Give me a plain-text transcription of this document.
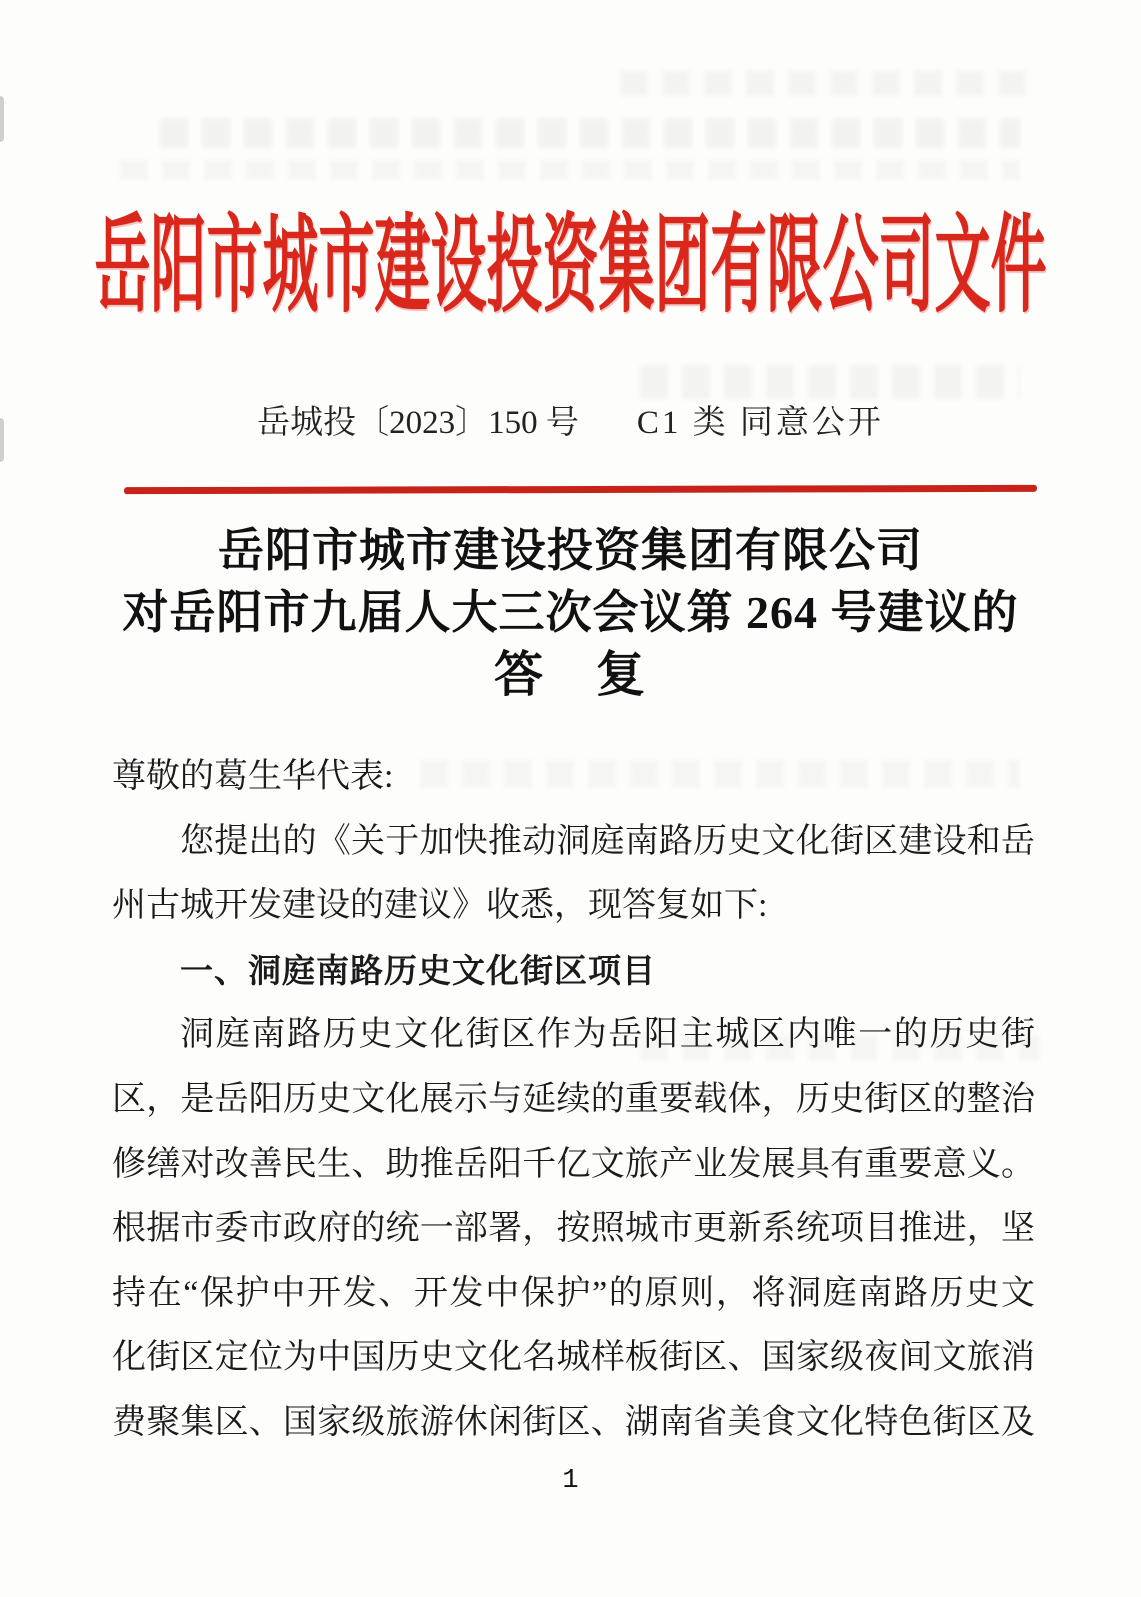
岳阳市城市建设投资集团有限公司文件
岳城投〔2023〕150 号 C1 类 同意公开
岳阳市城市建设投资集团有限公司
对岳阳市九届人大三次会议第 264 号建议的
答　复
尊敬的葛生华代表:
您提出的《关于加快推动洞庭南路历史文化街区建设和岳
州古城开发建设的建议》收悉，现答复如下:
一、洞庭南路历史文化街区项目
洞庭南路历史文化街区作为岳阳主城区内唯一的历史街
区，是岳阳历史文化展示与延续的重要载体，历史街区的整治
修缮对改善民生、助推岳阳千亿文旅产业发展具有重要意义。
根据市委市政府的统一部署，按照城市更新系统项目推进，坚
持在“保护中开发、开发中保护”的原则，将洞庭南路历史文
化街区定位为中国历史文化名城样板街区、国家级夜间文旅消
费聚集区、国家级旅游休闲街区、湖南省美食文化特色街区及
1
